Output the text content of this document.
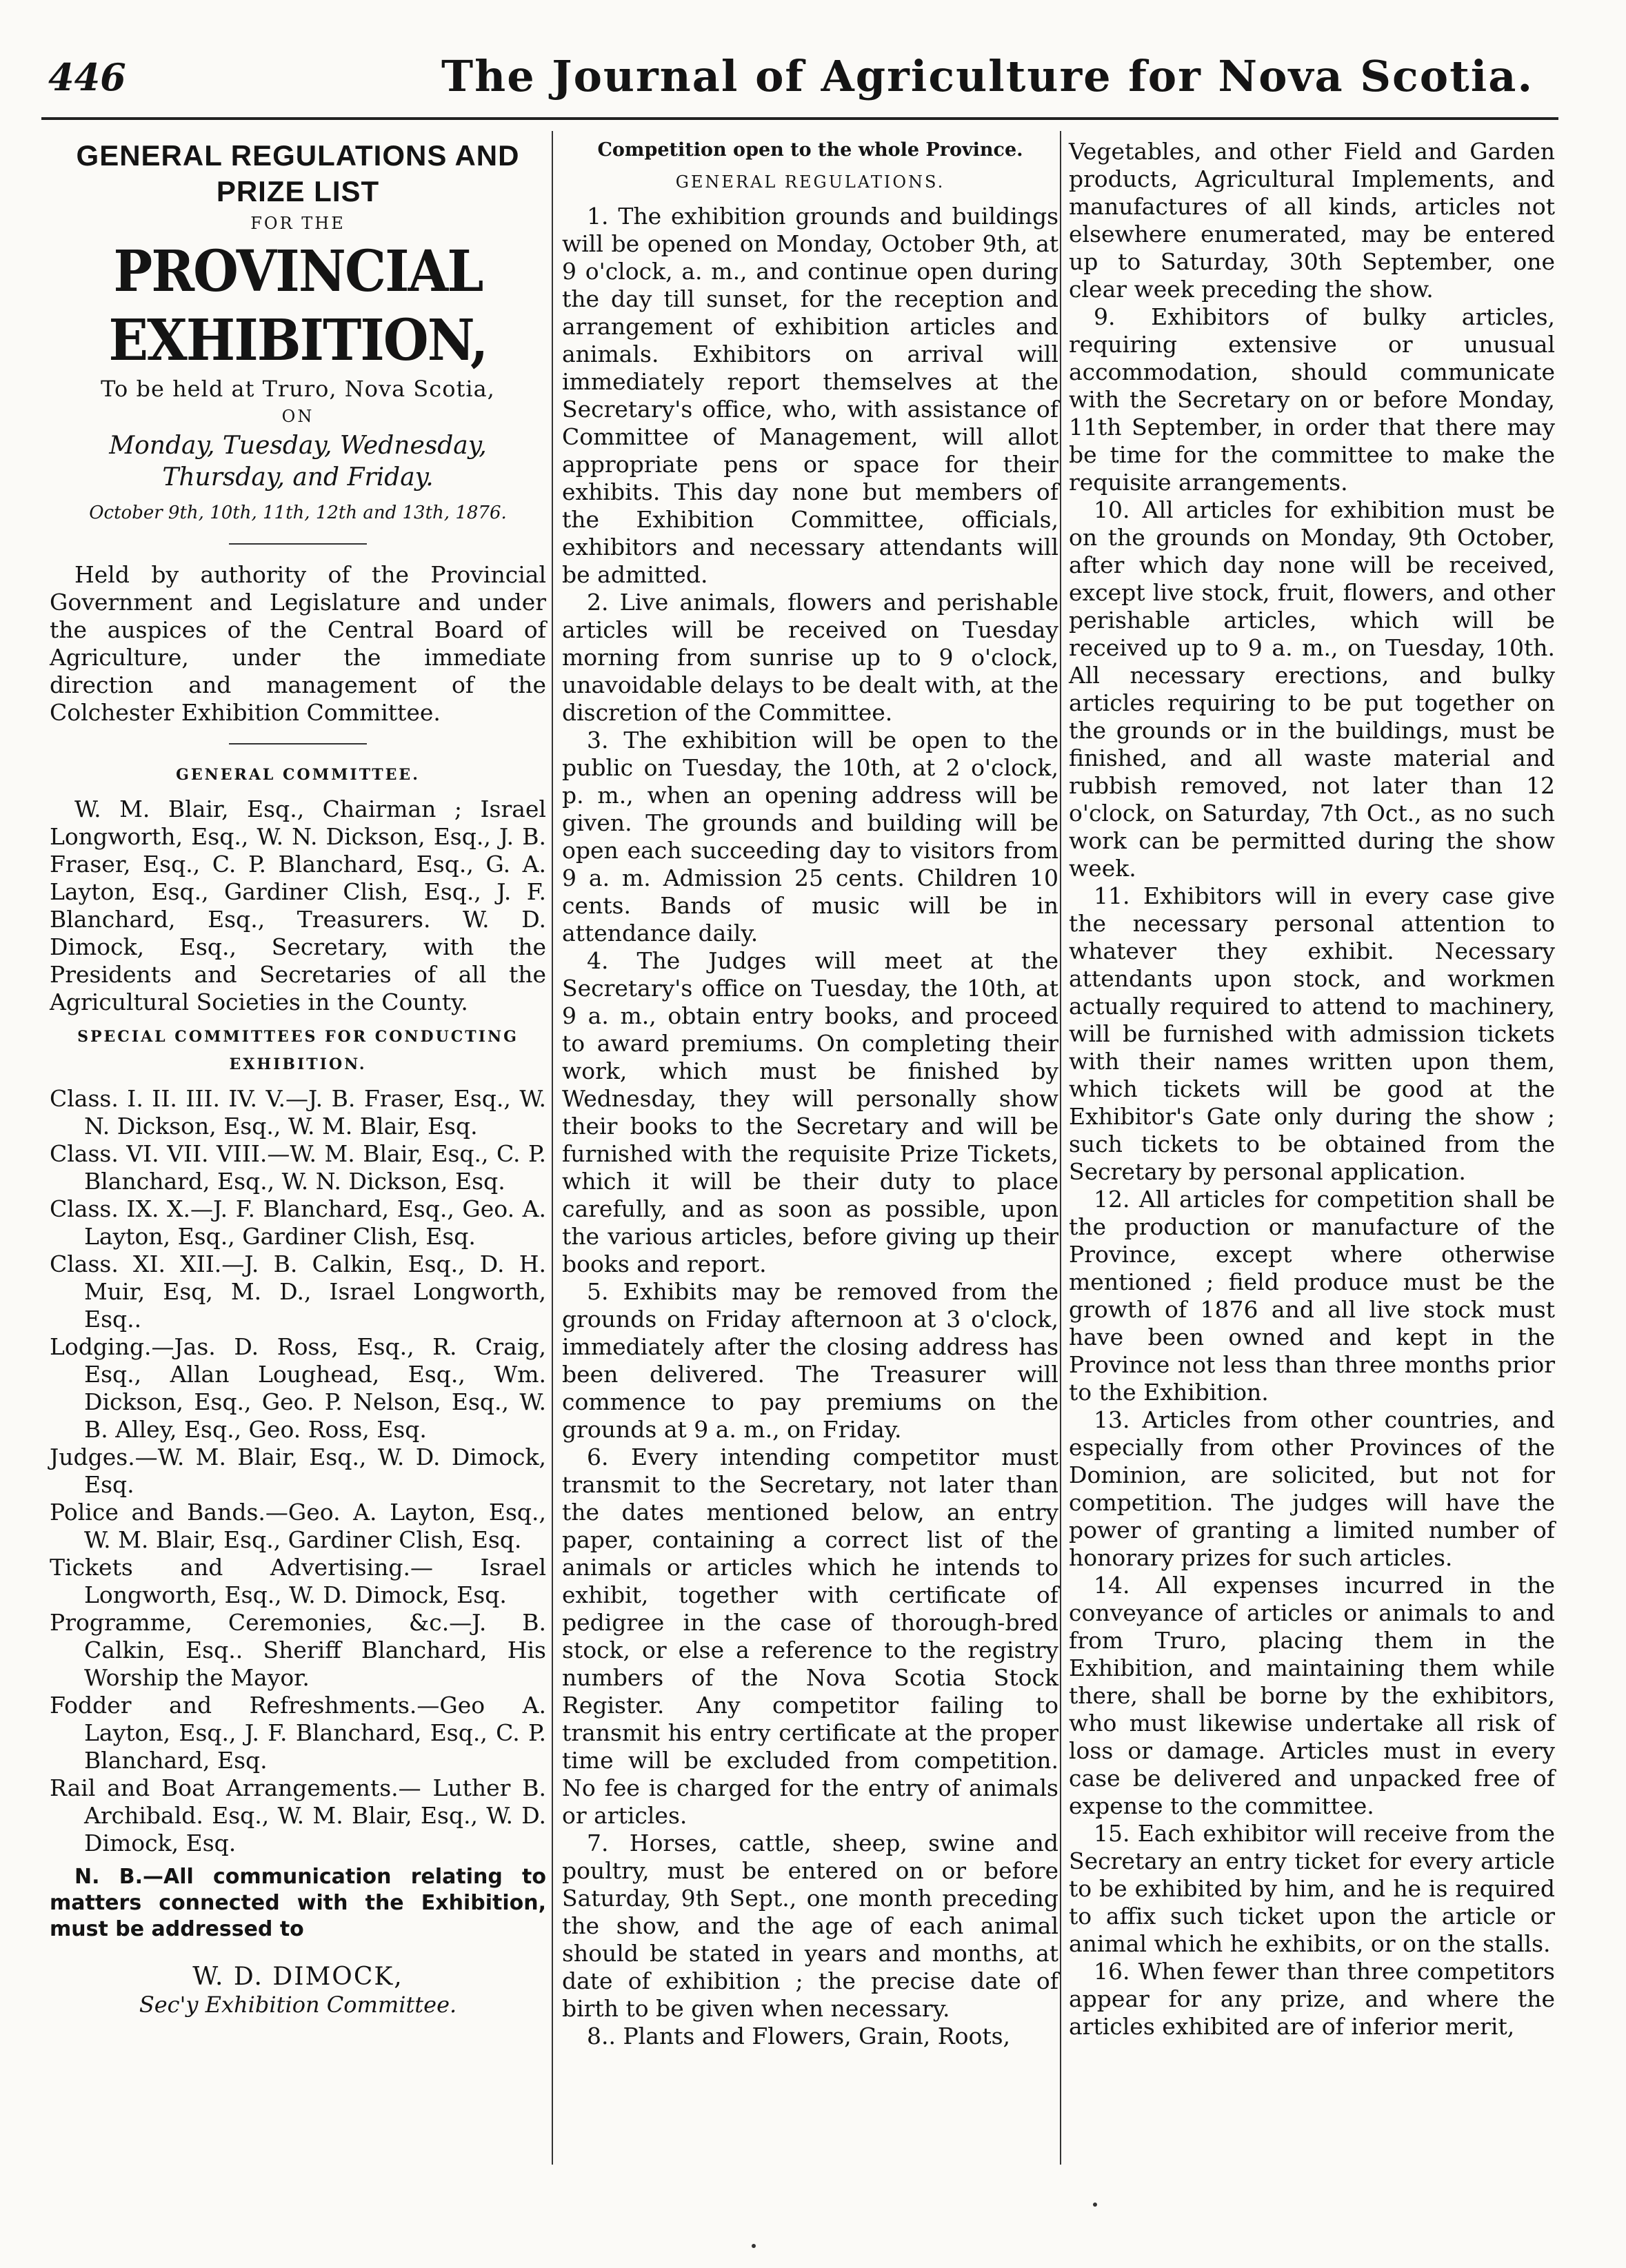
446	The Journal of Agriculture for Nova Scotia.

GENERAL REGULATIONS AND PRIZE LIST

FOR THE

PROVINCIAL EXHIBITION,

To be held at Truro, Nova Scotia,

ON

Monday, Tuesday, Wednesday, Thursday, and Friday.

October 9th, 10th, 11th, 12th and 13th, 1876.

Held by authority of the Provincial Government and Legislature and under the auspices of the Central Board of Agriculture, under the immediate direction and management of the Colchester Exhibition Committee.

GENERAL COMMITTEE.

W. M. Blair, Esq., Chairman ; Israel Longworth, Esq., W. N. Dickson, Esq., J. B. Fraser, Esq., C. P. Blanchard, Esq., G. A. Layton, Esq., Gardiner Clish, Esq., J. F. Blanchard, Esq., Treasurers. W. D. Dimock, Esq., Secretary, with the Presidents and Secretaries of all the Agricultural Societies in the County.

SPECIAL COMMITTEES FOR CONDUCTING EXHIBITION.

Class. I. II. III. IV. V.—J. B. Fraser, Esq., W. N. Dickson, Esq., W. M. Blair, Esq.

Class. VI. VII. VIII.—W. M. Blair, Esq., C. P. Blanchard, Esq., W. N. Dickson, Esq.

Class. IX. X.—J. F. Blanchard, Esq., Geo. A. Layton, Esq., Gardiner Clish, Esq.

Class. XI. XII.—J. B. Calkin, Esq., D. H. Muir, Esq, M. D., Israel Longworth, Esq..

Lodging.—Jas. D. Ross, Esq., R. Craig, Esq., Allan Loughead, Esq., Wm. Dickson, Esq., Geo. P. Nelson, Esq., W. B. Alley, Esq., Geo. Ross, Esq.

Judges.—W. M. Blair, Esq., W. D. Dimock, Esq.

Police and Bands.—Geo. A. Layton, Esq., W. M. Blair, Esq., Gardiner Clish, Esq.

Tickets and Advertising.— Israel Longworth, Esq., W. D. Dimock, Esq.

Programme, Ceremonies, &c.—J. B. Calkin, Esq.. Sheriff Blanchard, His Worship the Mayor.

Fodder and Refreshments.—Geo A. Layton, Esq., J. F. Blanchard, Esq., C. P. Blanchard, Esq.

Rail and Boat Arrangements.— Luther B. Archibald. Esq., W. M. Blair, Esq., W. D. Dimock, Esq.

N. B.—All communication relating to matters connected with the Exhibition, must be addressed to

W. D. DIMOCK,

Sec'y Exhibition Committee.

Competition open to the whole Province.

GENERAL REGULATIONS.

1. The exhibition grounds and buildings will be opened on Monday, October 9th, at 9 o'clock, a. m., and continue open during the day till sunset, for the reception and arrangement of exhibition articles and animals. Exhibitors on arrival will immediately report themselves at the Secretary's office, who, with assistance of Committee of Management, will allot appropriate pens or space for their exhibits. This day none but members of the Exhibition Committee, officials, exhibitors and necessary attendants will be admitted.

2. Live animals, flowers and perishable articles will be received on Tuesday morning from sunrise up to 9 o'clock, unavoidable delays to be dealt with, at the discretion of the Committee.

3. The exhibition will be open to the public on Tuesday, the 10th, at 2 o'clock, p. m., when an opening address will be given. The grounds and building will be open each succeeding day to visitors from 9 a. m. Admission 25 cents. Children 10 cents. Bands of music will be in attendance daily.

4. The Judges will meet at the Secretary's office on Tuesday, the 10th, at 9 a. m., obtain entry books, and proceed to award premiums. On completing their work, which must be finished by Wednesday, they will personally show their books to the Secretary and will be furnished with the requisite Prize Tickets, which it will be their duty to place carefully, and as soon as possible, upon the various articles, before giving up their books and report.

5. Exhibits may be removed from the grounds on Friday afternoon at 3 o'clock, immediately after the closing address has been delivered. The Treasurer will commence to pay premiums on the grounds at 9 a. m., on Friday.

6. Every intending competitor must transmit to the Secretary, not later than the dates mentioned below, an entry paper, containing a correct list of the animals or articles which he intends to exhibit, together with certificate of pedigree in the case of thorough-bred stock, or else a reference to the registry numbers of the Nova Scotia Stock Register. Any competitor failing to transmit his entry certificate at the proper time will be excluded from competition. No fee is charged for the entry of animals or articles.

7. Horses, cattle, sheep, swine and poultry, must be entered on or before Saturday, 9th Sept., one month preceding the show, and the age of each animal should be stated in years and months, at date of exhibition ; the precise date of birth to be given when necessary.

8.. Plants and Flowers, Grain, Roots,

Vegetables, and other Field and Garden products, Agricultural Implements, and manufactures of all kinds, articles not elsewhere enumerated, may be entered up to Saturday, 30th September, one clear week preceding the show.

9. Exhibitors of bulky articles, requiring extensive or unusual accommodation, should communicate with the Secretary on or before Monday, 11th September, in order that there may be time for the committee to make the requisite arrangements.

10. All articles for exhibition must be on the grounds on Monday, 9th October, after which day none will be received, except live stock, fruit, flowers, and other perishable articles, which will be received up to 9 a. m., on Tuesday, 10th. All necessary erections, and bulky articles requiring to be put together on the grounds or in the buildings, must be finished, and all waste material and rubbish removed, not later than 12 o'clock, on Saturday, 7th Oct., as no such work can be permitted during the show week.

11. Exhibitors will in every case give the necessary personal attention to whatever they exhibit. Necessary attendants upon stock, and workmen actually required to attend to machinery, will be furnished with admission tickets with their names written upon them, which tickets will be good at the Exhibitor's Gate only during the show ; such tickets to be obtained from the Secretary by personal application.

12. All articles for competition shall be the production or manufacture of the Province, except where otherwise mentioned ; field produce must be the growth of 1876 and all live stock must have been owned and kept in the Province not less than three months prior to the Exhibition.

13. Articles from other countries, and especially from other Provinces of the Dominion, are solicited, but not for competition. The judges will have the power of granting a limited number of honorary prizes for such articles.

14. All expenses incurred in the conveyance of articles or animals to and from Truro, placing them in the Exhibition, and maintaining them while there, shall be borne by the exhibitors, who must likewise undertake all risk of loss or damage. Articles must in every case be delivered and unpacked free of expense to the committee.

15. Each exhibitor will receive from the Secretary an entry ticket for every article to be exhibited by him, and he is required to affix such ticket upon the article or animal which he exhibits, or on the stalls.

16. When fewer than three competitors appear for any prize, and where the articles exhibited are of inferior merit,
